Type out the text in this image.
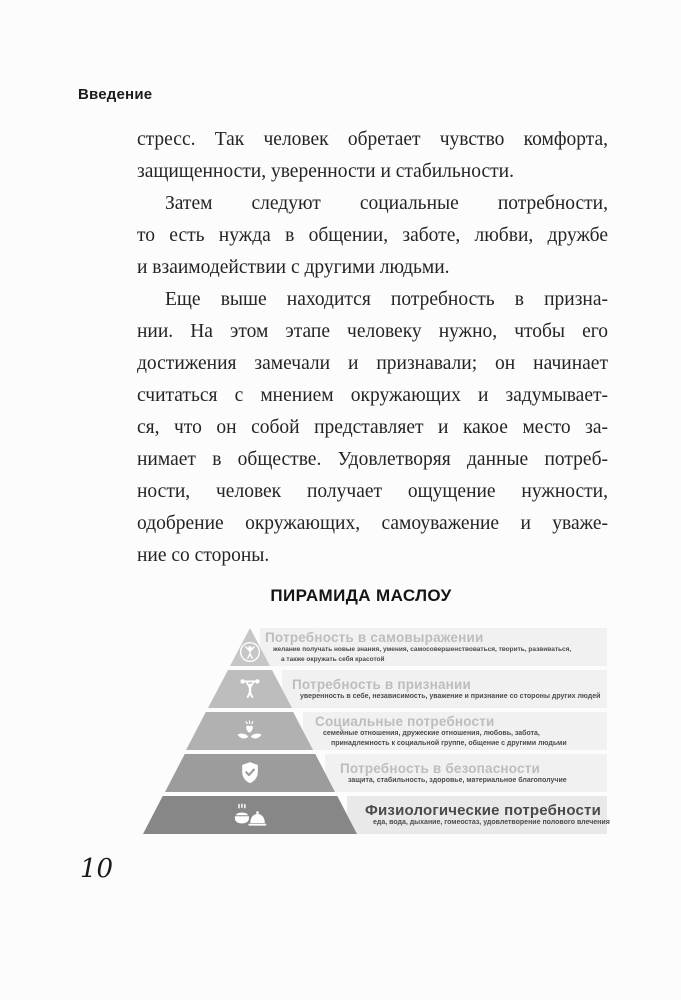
Введение
стресс. Так человек обретает чувство комфорта,
защищенности, уверенности и стабильности.
Затем следуют социальные потребности,
то есть нужда в общении, заботе, любви, дружбе
и взаимодействии с другими людьми.
Еще выше находится потребность в призна-
нии. На этом этапе человеку нужно, чтобы его
достижения замечали и признавали; он начинает
считаться с мнением окружающих и задумывает-
ся, что он собой представляет и какое место за-
нимает в обществе. Удовлетворяя данные потреб-
ности, человек получает ощущение нужности,
одобрение окружающих, самоуважение и уваже-
ние со стороны.
ПИРАМИДА МАСЛОУ
Потребность в самовыражении
желание получать новые знания, умения, самосовершенствоваться, творить, развиваться,
а также окружать себя красотой
Потребность в признании
уверенность в себе, независимость, уважение и признание со стороны других людей
Социальные потребности
семейные отношения, дружеские отношения, любовь, забота,
принадлежность к социальной группе, общение с другими людьми
Потребность в безопасности
защита, стабильность, здоровье, материальное благополучие
Физиологические потребности
еда, вода, дыхание, гомеостаз, удовлетворение полового влечения
10
